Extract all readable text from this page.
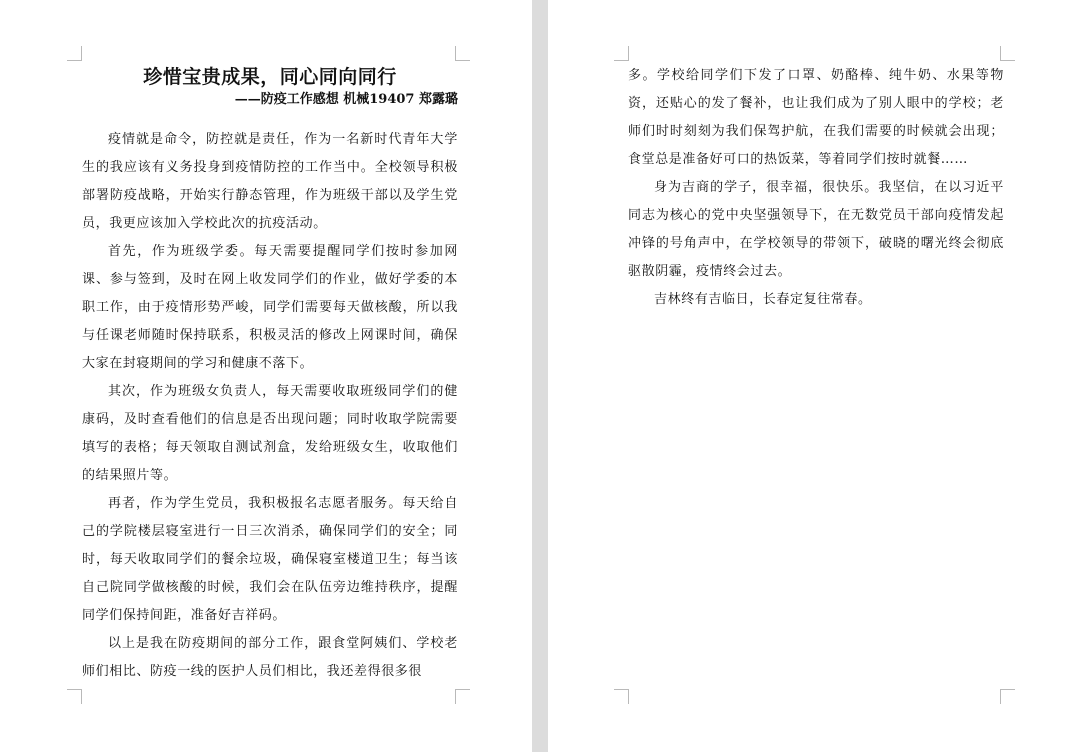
珍惜宝贵成果，同心同向同行

——防疫工作感想 机械19407 郑露璐

疫情就是命令，防控就是责任，作为一名新时代青年大学生的我应该有义务投身到疫情防控的工作当中。全校领导积极部署防疫战略，开始实行静态管理，作为班级干部以及学生党员，我更应该加入学校此次的抗疫活动。

首先，作为班级学委。每天需要提醒同学们按时参加网课、参与签到，及时在网上收发同学们的作业，做好学委的本职工作，由于疫情形势严峻，同学们需要每天做核酸，所以我与任课老师随时保持联系，积极灵活的修改上网课时间，确保大家在封寝期间的学习和健康不落下。

其次，作为班级女负责人，每天需要收取班级同学们的健康码，及时查看他们的信息是否出现问题；同时收取学院需要填写的表格；每天领取自测试剂盒，发给班级女生，收取他们的结果照片等。

再者，作为学生党员，我积极报名志愿者服务。每天给自己的学院楼层寝室进行一日三次消杀，确保同学们的安全；同时，每天收取同学们的餐余垃圾，确保寝室楼道卫生；每当该自己院同学做核酸的时候，我们会在队伍旁边维持秩序，提醒同学们保持间距，准备好吉祥码。

以上是我在防疫期间的部分工作，跟食堂阿姨们、学校老师们相比、防疫一线的医护人员们相比，我还差得很多很

多。学校给同学们下发了口罩、奶酪棒、纯牛奶、水果等物资，还贴心的发了餐补，也让我们成为了别人眼中的学校；老师们时时刻刻为我们保驾护航，在我们需要的时候就会出现；食堂总是准备好可口的热饭菜，等着同学们按时就餐……

身为吉商的学子，很幸福，很快乐。我坚信，在以习近平同志为核心的党中央坚强领导下，在无数党员干部向疫情发起冲锋的号角声中，在学校领导的带领下，破晓的曙光终会彻底驱散阴霾，疫情终会过去。

吉林终有吉临日，长春定复往常春。
